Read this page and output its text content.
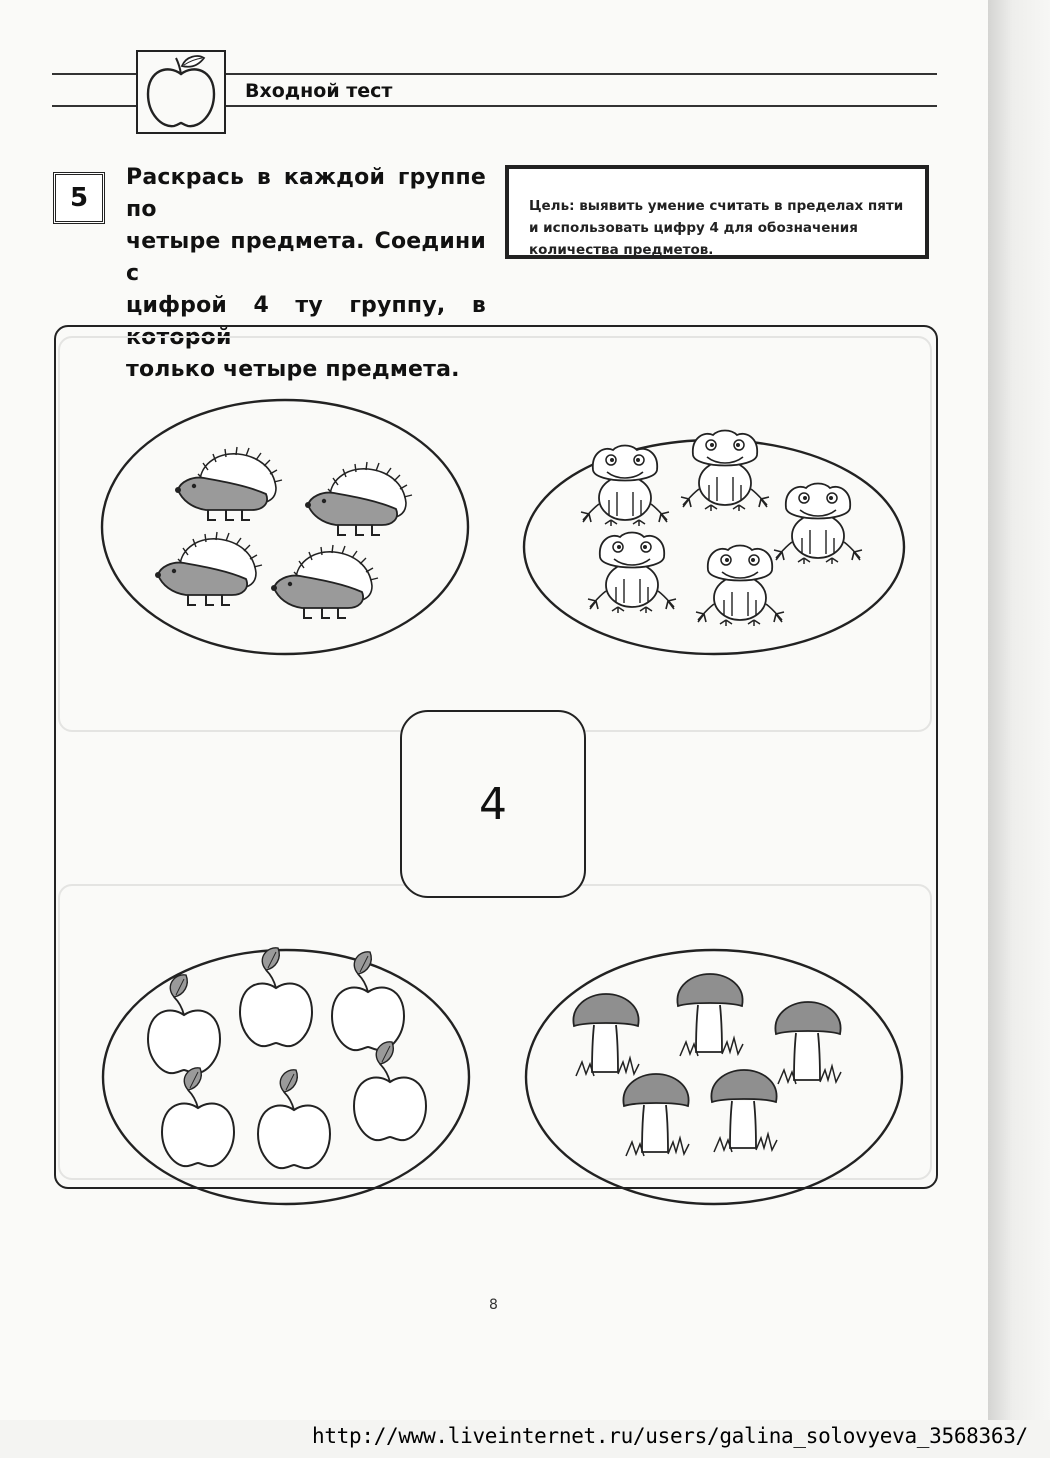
Входной тест
5
Раскрась в каждой группе по
четыре предмета. Соедини с
цифрой 4 ту группу, в которой
только четыре предмета.
Цель: выявить умение считать в пределах пяти и использовать цифру 4 для обозначения количества предметов.
4
8
http://www.liveinternet.ru/users/galina_solovyeva_3568363/
